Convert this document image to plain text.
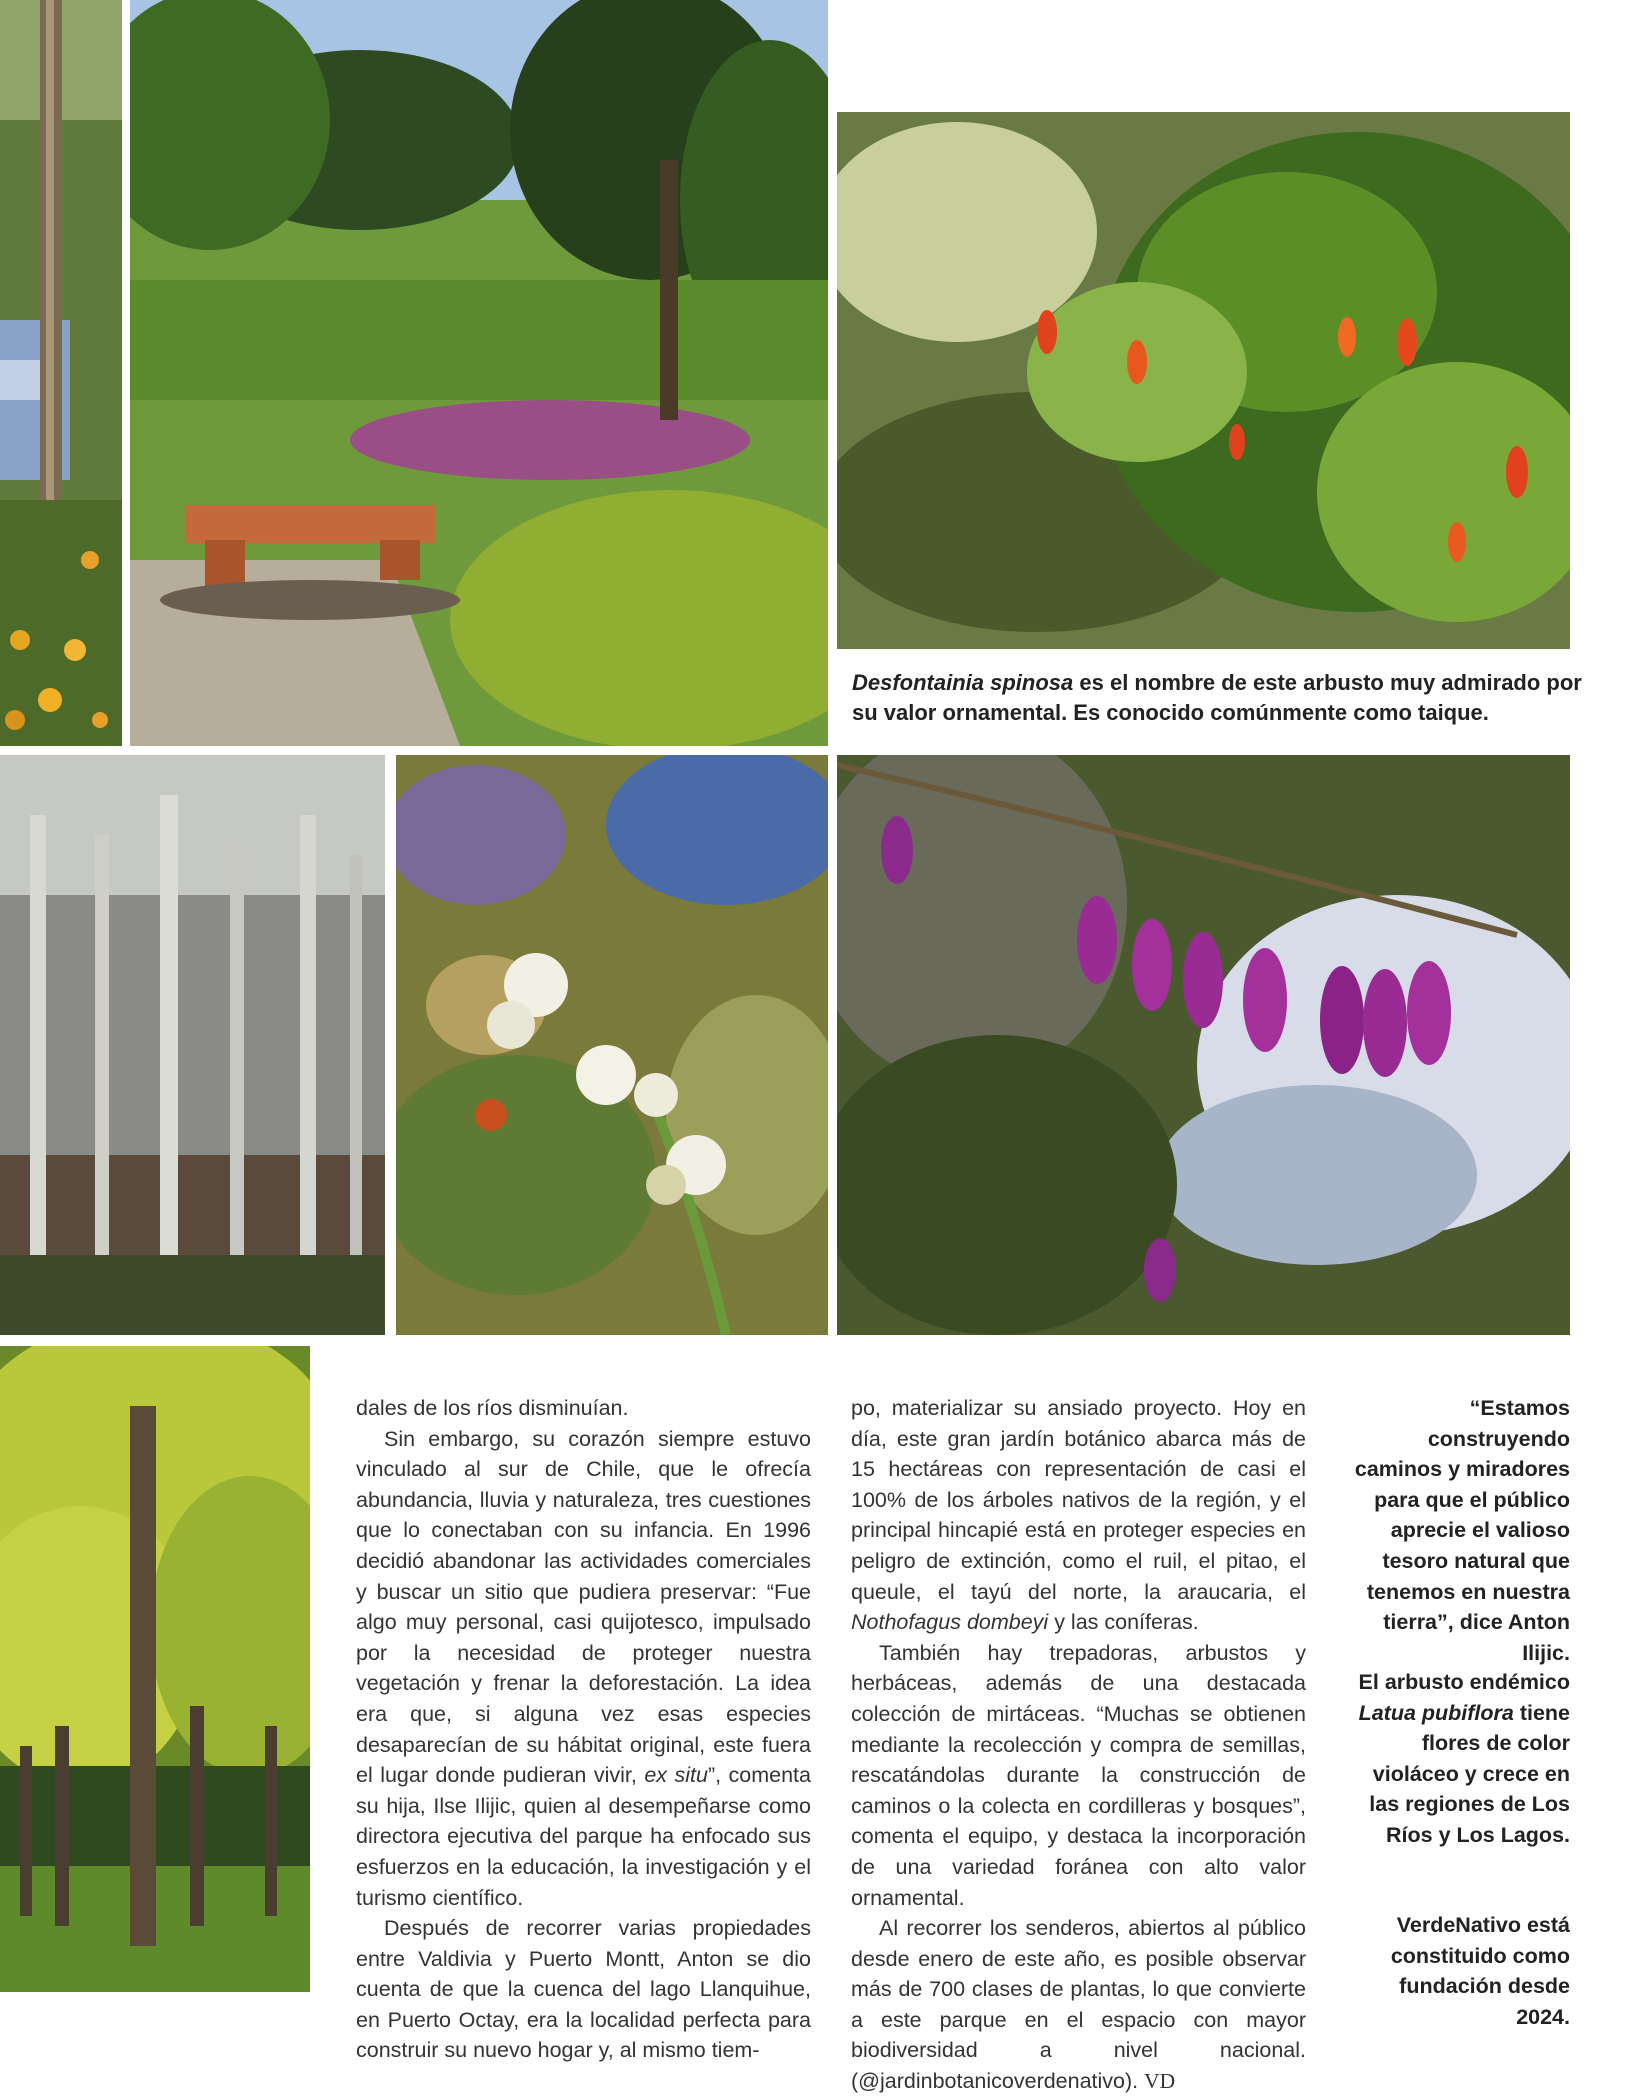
Desfontainia spinosa es el nombre de este arbusto muy admirado por su valor ornamental. Es conocido comúnmente como taique.

dales de los ríos disminuían.

Sin embargo, su corazón siempre estuvo vinculado al sur de Chile, que le ofrecía abundancia, lluvia y naturaleza, tres cuestiones que lo conectaban con su infancia. En 1996 decidió abandonar las actividades comerciales y buscar un sitio que pudiera preservar: “Fue algo muy personal, casi quijotesco, impulsado por la necesidad de proteger nuestra vegetación y frenar la deforestación. La idea era que, si alguna vez esas especies desaparecían de su hábitat original, este fuera el lugar donde pudieran vivir, ex situ”, comenta su hija, Ilse Ilijic, quien al desempeñarse como directora ejecutiva del parque ha enfocado sus esfuerzos en la educación, la investigación y el turismo científico.

Después de recorrer varias propiedades entre Valdivia y Puerto Montt, Anton se dio cuenta de que la cuenca del lago Llanquihue, en Puerto Octay, era la localidad perfecta para construir su nuevo hogar y, al mismo tiem-

po, materializar su ansiado proyecto. Hoy en día, este gran jardín botánico abarca más de 15 hectáreas con representación de casi el 100% de los árboles nativos de la región, y el principal hincapié está en proteger especies en peligro de extinción, como el ruil, el pitao, el queule, el tayú del norte, la araucaria, el Nothofagus dombeyi y las coníferas.

También hay trepadoras, arbustos y herbáceas, además de una destacada colección de mirtáceas. “Muchas se obtienen mediante la recolección y compra de semillas, rescatándolas durante la construcción de caminos o la colecta en cordilleras y bosques”, comenta el equipo, y destaca la incorporación de una variedad foránea con alto valor ornamental.

Al recorrer los senderos, abiertos al público desde enero de este año, es posible observar más de 700 clases de plantas, lo que convierte a este parque en el espacio con mayor biodiversidad a nivel nacional. (@jardinbotanicoverdenativo). VD

“Estamos construyendo caminos y miradores para que el público aprecie el valioso tesoro natural que tenemos en nuestra tierra”, dice Anton Ilijic.
El arbusto endémico Latua pubiflora tiene flores de color violáceo y crece en las regiones de Los Ríos y Los Lagos.
VerdeNativo está constituido como fundación desde 2024.
